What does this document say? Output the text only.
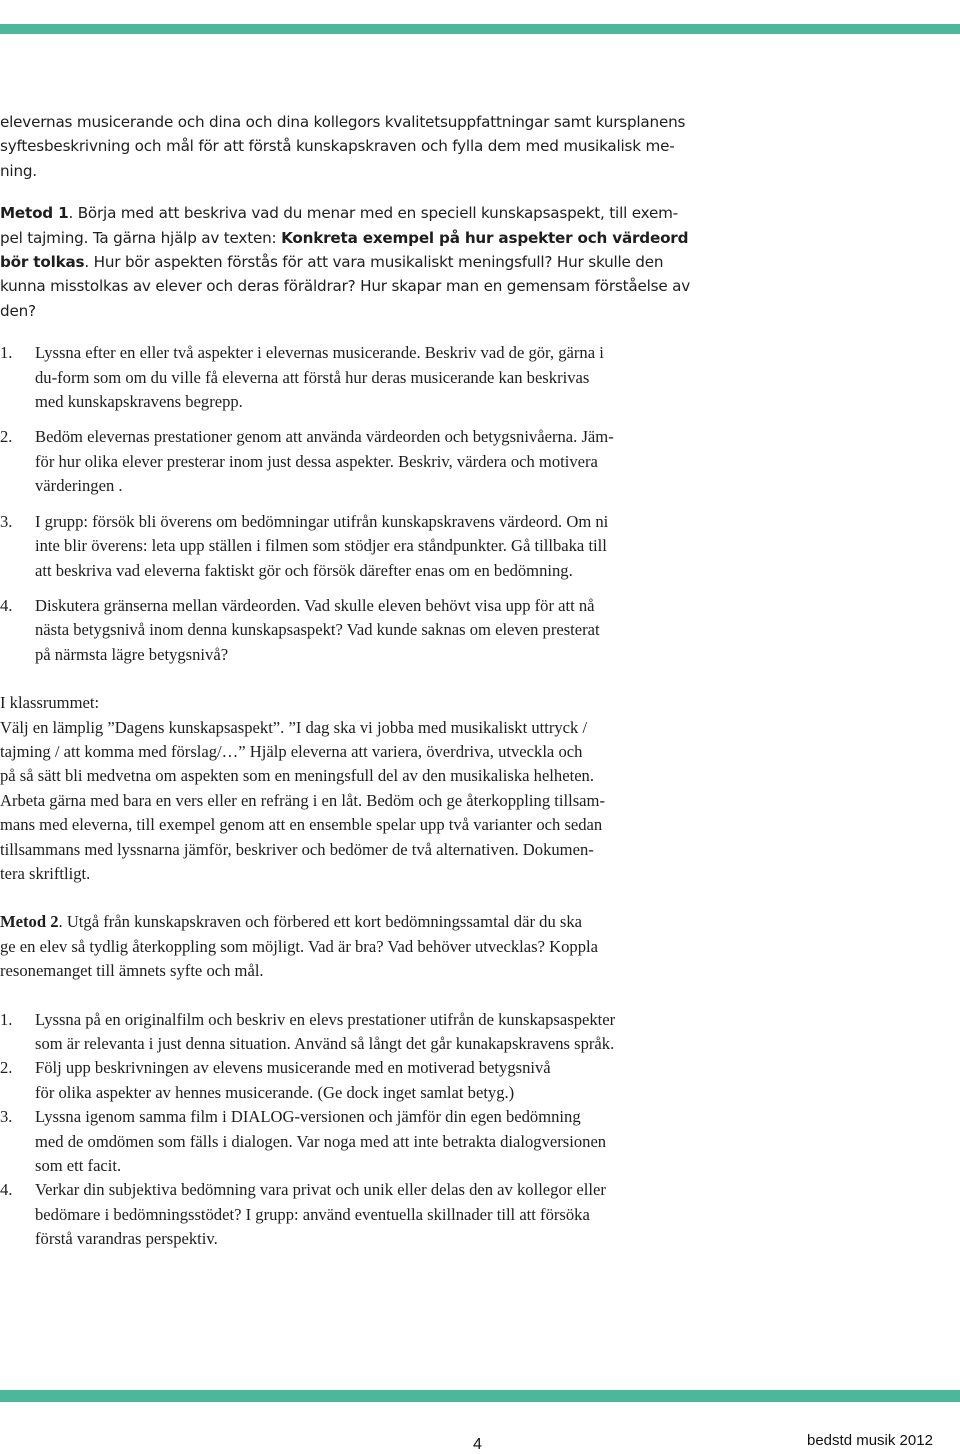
elevernas musicerande och dina och dina kollegors kvalitetsuppfattningar samt kursplanens
syftesbeskrivning och mål för att förstå kunskapskraven och fylla dem med musikalisk me-
ning.

Metod 1. Börja med att beskriva vad du menar med en speciell kunskapsaspekt, till exem-
pel tajming. Ta gärna hjälp av texten: Konkreta exempel på hur aspekter och värdeord
bör tolkas. Hur bör aspekten förstås för att vara musikaliskt meningsfull? Hur skulle den
kunna misstolkas av elever och deras föräldrar? Hur skapar man en gemensam förståelse av
den?

1. Lyssna efter en eller två aspekter i elevernas musicerande. Beskriv vad de gör, gärna i
du-form som om du ville få eleverna att förstå hur deras musicerande kan beskrivas
med kunskapskravens begrepp.
2. Bedöm elevernas prestationer genom att använda värdeorden och betygsnivåerna. Jäm-
för hur olika elever presterar inom just dessa aspekter. Beskriv, värdera och motivera
värderingen .
3. I grupp: försök bli överens om bedömningar utifrån kunskapskravens värdeord. Om ni
inte blir överens: leta upp ställen i filmen som stödjer era ståndpunkter. Gå tillbaka till
att beskriva vad eleverna faktiskt gör och försök därefter enas om en bedömning.
4. Diskutera gränserna mellan värdeorden. Vad skulle eleven behövt visa upp för att nå
nästa betygsnivå inom denna kunskapsaspekt? Vad kunde saknas om eleven presterat
på närmsta lägre betygsnivå?

I klassrummet:
Välj en lämplig ”Dagens kunskapsaspekt”. ”I dag ska vi jobba med musikaliskt uttryck /
tajming / att komma med förslag/…” Hjälp eleverna att variera, överdriva, utveckla och
på så sätt bli medvetna om aspekten som en meningsfull del av den musikaliska helheten.
Arbeta gärna med bara en vers eller en refräng i en låt. Bedöm och ge återkoppling tillsam-
mans med eleverna, till exempel genom att en ensemble spelar upp två varianter och sedan
tillsammans med lyssnarna jämför, beskriver och bedömer de två alternativen. Dokumen-
tera skriftligt.

Metod 2. Utgå från kunskapskraven och förbered ett kort bedömningssamtal där du ska
ge en elev så tydlig återkoppling som möjligt. Vad är bra? Vad behöver utvecklas? Koppla
resonemanget till ämnets syfte och mål.

1. Lyssna på en originalfilm och beskriv en elevs prestationer utifrån de kunskapsaspekter
som är relevanta i just denna situation. Använd så långt det går kunakapskravens språk.
2. Följ upp beskrivningen av elevens musicerande med en motiverad betygsnivå
för olika aspekter av hennes musicerande. (Ge dock inget samlat betyg.)
3. Lyssna igenom samma film i DIALOG-versionen och jämför din egen bedömning
med de omdömen som fälls i dialogen. Var noga med att inte betrakta dialogversionen
som ett facit.
4. Verkar din subjektiva bedömning vara privat och unik eller delas den av kollegor eller
bedömare i bedömningsstödet? I grupp: använd eventuella skillnader till att försöka
förstå varandras perspektiv.
4	bedstd musik 2012
